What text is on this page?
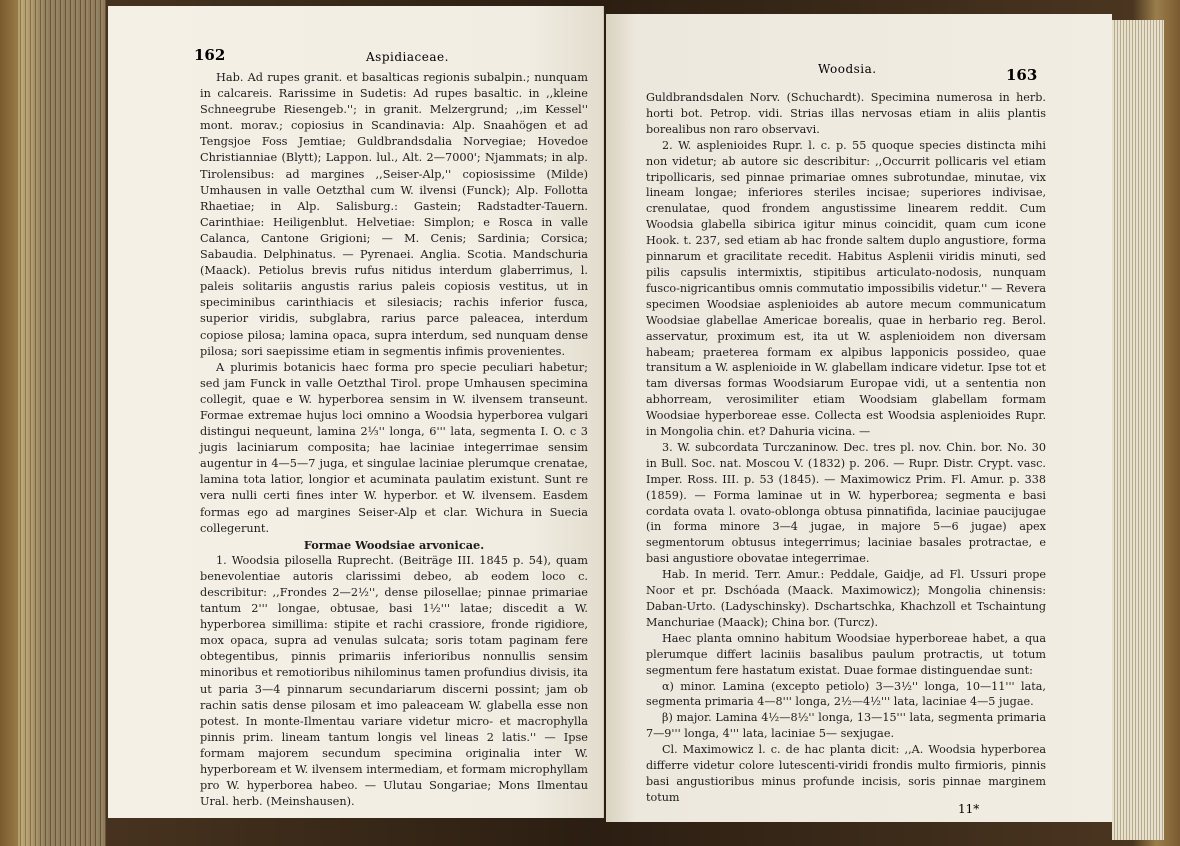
162	Aspidiaceae.

Hab. Ad rupes granit. et basalticas regionis subalpin.; nunquam in calcareis. Rarissime in Sudetis: Ad rupes basaltic. in ,,kleine Schneegrube Riesengeb.''; in granit. Melzergrund; ,,im Kessel'' mont. morav.; copiosius in Scandinavia: Alp. Snaahögen et ad Tengsjoe Foss Jemtiae; Guldbrandsdalia Norvegiae; Hovedoe Christianniae (Blytt); Lappon. lul., Alt. 2—7000'; Njammats; in alp. Tirolensibus: ad margines ,,Seiser-Alp,'' copiosissime (Milde) Umhausen in valle Oetzthal cum W. ilvensi (Funck); Alp. Follotta Rhaetiae; in Alp. Salisburg.: Gastein; Radstadter-Tauern. Carinthiae: Heiligenblut. Helvetiae: Simplon; e Rosca in valle Calanca, Cantone Grigioni; — M. Cenis; Sardinia; Corsica; Sabaudia. Delphinatus. — Pyrenaei. Anglia. Scotia. Mandschuria (Maack). Petiolus brevis rufus nitidus interdum glaberrimus, l. paleis solitariis angustis rarius paleis copiosis vestitus, ut in speciminibus carinthiacis et silesiacis; rachis inferior fusca, superior viridis, subglabra, rarius parce paleacea, interdum copiose pilosa; lamina opaca, supra interdum, sed nunquam dense pilosa; sori saepissime etiam in segmentis infimis provenientes.

A plurimis botanicis haec forma pro specie peculiari habetur; sed jam Funck in valle Oetzthal Tirol. prope Umhausen specimina collegit, quae e W. hyperborea sensim in W. ilvensem transeunt. Formae extremae hujus loci omnino a Woodsia hyperborea vulgari distingui nequeunt, lamina 2⅓'' longa, 6''' lata, segmenta I. O. c 3 jugis laciniarum composita; hae laciniae integerrimae sensim augentur in 4—5—7 juga, et singulae laciniae plerumque crenatae, lamina tota latior, longior et acuminata paulatim existunt. Sunt re vera nulli certi fines inter W. hyperbor. et W. ilvensem. Easdem formas ego ad margines Seiser-Alp et clar. Wichura in Suecia collegerunt.

Formae Woodsiae arvonicae.

1. Woodsia pilosella Ruprecht. (Beiträge III. 1845 p. 54), quam benevolentiae autoris clarissimi debeo, ab eodem loco c. describitur: ,,Frondes 2—2½'', dense pilosellae; pinnae primariae tantum 2''' longae, obtusae, basi 1½''' latae; discedit a W. hyperborea simillima: stipite et rachi crassiore, fronde rigidiore, mox opaca, supra ad venulas sulcata; soris totam paginam fere obtegentibus, pinnis primariis inferioribus nonnullis sensim minoribus et remotioribus nihilominus tamen profundius divisis, ita ut paria 3—4 pinnarum secundariarum discerni possint; jam ob rachin satis dense pilosam et imo paleaceam W. glabella esse non potest. In monte-Ilmentau variare videtur micro- et macrophylla pinnis prim. lineam tantum longis vel lineas 2 latis.'' — Ipse formam majorem secundum specimina originalia inter W. hyperboream et W. ilvensem intermediam, et formam microphyllam pro W. hyperborea habeo. — Ulutau Songariae; Mons Ilmentau Ural. herb. (Meinshausen).

Woodsia.	163

Guldbrandsdalen Norv. (Schuchardt). Specimina numerosa in herb. horti bot. Petrop. vidi. Strias illas nervosas etiam in aliis plantis borealibus non raro observavi.

2. W. asplenioides Rupr. l. c. p. 55 quoque species distincta mihi non videtur; ab autore sic describitur: ,,Occurrit pollicaris vel etiam tripollicaris, sed pinnae primariae omnes subrotundae, minutae, vix lineam longae; inferiores steriles incisae; superiores indivisae, crenulatae, quod frondem angustissime linearem reddit. Cum Woodsia glabella sibirica igitur minus coincidit, quam cum icone Hook. t. 237, sed etiam ab hac fronde saltem duplo angustiore, forma pinnarum et gracilitate recedit. Habitus Asplenii viridis minuti, sed pilis capsulis intermixtis, stipitibus articulato-nodosis, nunquam fusco-nigricantibus omnis commutatio impossibilis videtur.'' — Revera specimen Woodsiae asplenioides ab autore mecum communicatum Woodsiae glabellae Americae borealis, quae in herbario reg. Berol. asservatur, proximum est, ita ut W. asplenioidem non diversam habeam; praeterea formam ex alpibus lapponicis possideo, quae transitum a W. asplenioide in W. glabellam indicare videtur. Ipse tot et tam diversas formas Woodsiarum Europae vidi, ut a sententia non abhorream, verosimiliter etiam Woodsiam glabellam formam Woodsiae hyperboreae esse. Collecta est Woodsia asplenioides Rupr. in Mongolia chin. et? Dahuria vicina. —

3. W. subcordata Turczaninow. Dec. tres pl. nov. Chin. bor. No. 30 in Bull. Soc. nat. Moscou V. (1832) p. 206. — Rupr. Distr. Crypt. vasc. Imper. Ross. III. p. 53 (1845). — Maximowicz Prim. Fl. Amur. p. 338 (1859). — Forma laminae ut in W. hyperborea; segmenta e basi cordata ovata l. ovato-oblonga obtusa pinnatifida, laciniae paucijugae (in forma minore 3—4 jugae, in majore 5—6 jugae) apex segmentorum obtusus integerrimus; laciniae basales protractae, e basi angustiore obovatae integerrimae.

Hab. In merid. Terr. Amur.: Peddale, Gaidje, ad Fl. Ussuri prope Noor et pr. Dschóada (Maack. Maximowicz); Mongolia chinensis: Daban-Urto. (Ladyschinsky). Dschartschka, Khachzoll et Tschaintung Manchuriae (Maack); China bor. (Turcz).

Haec planta omnino habitum Woodsiae hyperboreae habet, a qua plerumque differt laciniis basalibus paulum protractis, ut totum segmentum fere hastatum existat. Duae formae distinguendae sunt:

α) minor. Lamina (excepto petiolo) 3—3½'' longa, 10—11''' lata, segmenta primaria 4—8''' longa, 2½—4½''' lata, laciniae 4—5 jugae.

β) major. Lamina 4½—8½'' longa, 13—15''' lata, segmenta primaria 7—9''' longa, 4''' lata, laciniae 5— sexjugae.

Cl. Maximowicz l. c. de hac planta dicit: ,,A. Woodsia hyperborea differre videtur colore lutescenti-viridi frondis multo firmioris, pinnis basi angustioribus minus profunde incisis, soris pinnae marginem totum

11*
